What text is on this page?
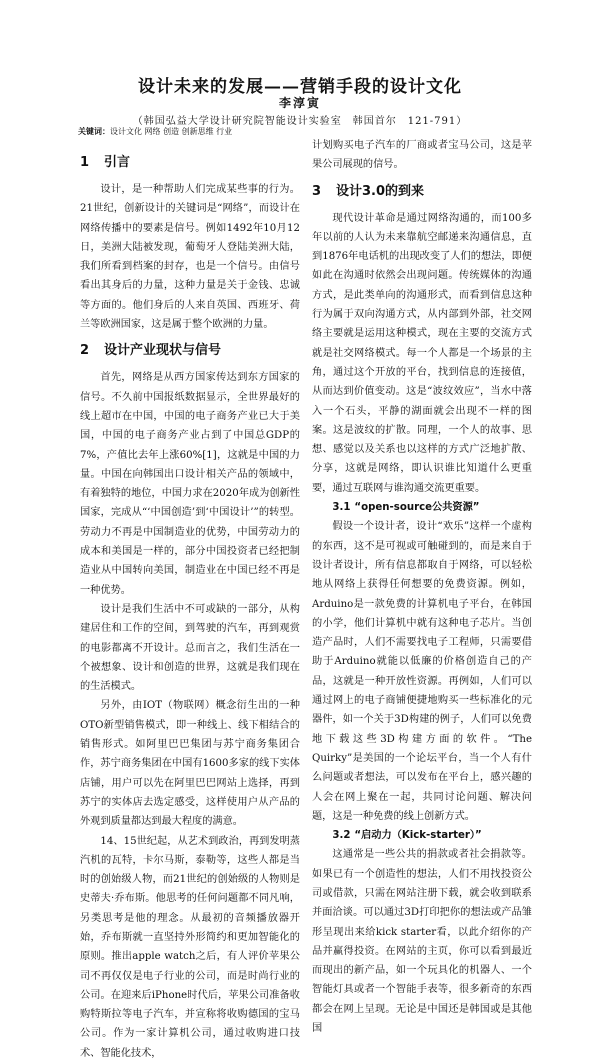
设计未来的发展——营销手段的设计文化
李淳寅
（韩国弘益大学设计研究院智能设计实验室　韩国首尔　121-791）
关键词：设计文化 网络 创造 创新思维 行业
1 引言

设计，是一种帮助人们完成某些事的行为。21世纪，创新设计的关键词是“网络”，而设计在网络传播中的要素是信号。例如1492年10月12日，美洲大陆被发现，葡萄牙人登陆美洲大陆，我们所看到档案的封存，也是一个信号。由信号看出其身后的力量，这种力量是关于金钱、忠诚等方面的。他们身后的人来自英国、西班牙、荷兰等欧洲国家，这是属于整个欧洲的力量。

2 设计产业现状与信号

首先，网络是从西方国家传达到东方国家的信号。不久前中国报纸数据显示，全世界最好的线上超市在中国，中国的电子商务产业已大于美国，中国的电子商务产业占到了中国总GDP的7%，产值比去年上涨60%[1]，这就是中国的力量。中国在向韩国出口设计相关产品的领域中，有着独特的地位，中国力求在2020年成为创新性国家，完成从“‘中国创造’到‘中国设计’”的转型。劳动力不再是中国制造业的优势，中国劳动力的成本和美国是一样的，部分中国投资者已经把制造业从中国转向美国，制造业在中国已经不再是一种优势。

设计是我们生活中不可或缺的一部分，从构建居住和工作的空间，到驾驶的汽车，再到观赏的电影都离不开设计。总而言之，我们生活在一个被想象、设计和创造的世界，这就是我们现在的生活模式。

另外，由IOT（物联网）概念衍生出的一种OTO新型销售模式，即一种线上、线下相结合的销售形式。如阿里巴巴集团与苏宁商务集团合作，苏宁商务集团在中国有1600多家的线下实体店铺，用户可以先在阿里巴巴网站上选择，再到苏宁的实体店去选定感受，这样使用户从产品的外观到质量都达到最大程度的满意。

14、15世纪起，从艺术到政治，再到发明蒸汽机的瓦特，卡尔马斯，泰勒等，这些人都是当时的创始级人物，而21世纪的创始级的人物则是史蒂夫·乔布斯。他思考的任何问题都不同凡响，另类思考是他的理念。从最初的音频播放器开始，乔布斯就一直坚持外形简约和更加智能化的原则。推出apple watch之后，有人评价苹果公司不再仅仅是电子行业的公司，而是时尚行业的公司。在迎来后iPhone时代后，苹果公司准备收购特斯拉等电子汽车，并宣称将收购德国的宝马公司。作为一家计算机公司，通过收购进口技术、智能化技术，

计划购买电子汽车的厂商或者宝马公司，这是苹果公司展现的信号。

3 设计3.0的到来

现代设计革命是通过网络沟通的，而100多年以前的人认为未来靠航空邮递来沟通信息，直到1876年电话机的出现改变了人们的想法，即便如此在沟通时依然会出现问题。传统媒体的沟通方式，是此类单向的沟通形式，而看到信息这种行为属于双向沟通方式，从内部到外部，社交网络主要就是运用这种模式，现在主要的交流方式就是社交网络模式。每一个人都是一个场景的主角，通过这个开放的平台，找到信息的连接值，从而达到价值变动。这是“波纹效应”，当水中落入一个石头，平静的湖面就会出现不一样的图案。这是波纹的扩散。同理，一个人的故事、思想、感觉以及关系也以这样的方式广泛地扩散、分享，这就是网络，即认识谁比知道什么更重要，通过互联网与谁沟通交流更重要。

3.1 “open-source公共资源”

假设一个设计者，设计“欢乐”这样一个虚构的东西，这不是可视或可触碰到的，而是来自于设计者设计，所有信息都取自于网络，可以轻松地从网络上获得任何想要的免费资源。例如，Arduino是一款免费的计算机电子平台，在韩国的小学，他们计算机中就有这种电子芯片。当创造产品时，人们不需要找电子工程师，只需要借助于Arduino就能以低廉的价格创造自己的产品，这就是一种开放性资源。再例如，人们可以通过网上的电子商铺便捷地购买一些标准化的元器件，如一个关于3D构建的例子，人们可以免费地下载这些3D构建方面的软件。“The Quirky”是美国的一个论坛平台，当一个人有什么问题或者想法，可以发布在平台上，感兴趣的人会在网上聚在一起，共同讨论问题、解决问题，这是一种免费的线上创新方式。

3.2 “启动力（Kick-starter）”

这通常是一些公共的捐款或者社会捐款等。如果已有一个创造性的想法，人们不用找投资公司或借款，只需在网站注册下载，就会收到联系并面洽谈。可以通过3D打印把你的想法或产品雏形呈现出来给kick starter看，以此介绍你的产品并赢得投资。在网站的主页，你可以看到最近而现出的新产品，如一个玩具化的机器人、一个智能灯具或者一个智能手表等，很多新奇的东西都会在网上呈现。无论是中国还是韩国或是其他国
